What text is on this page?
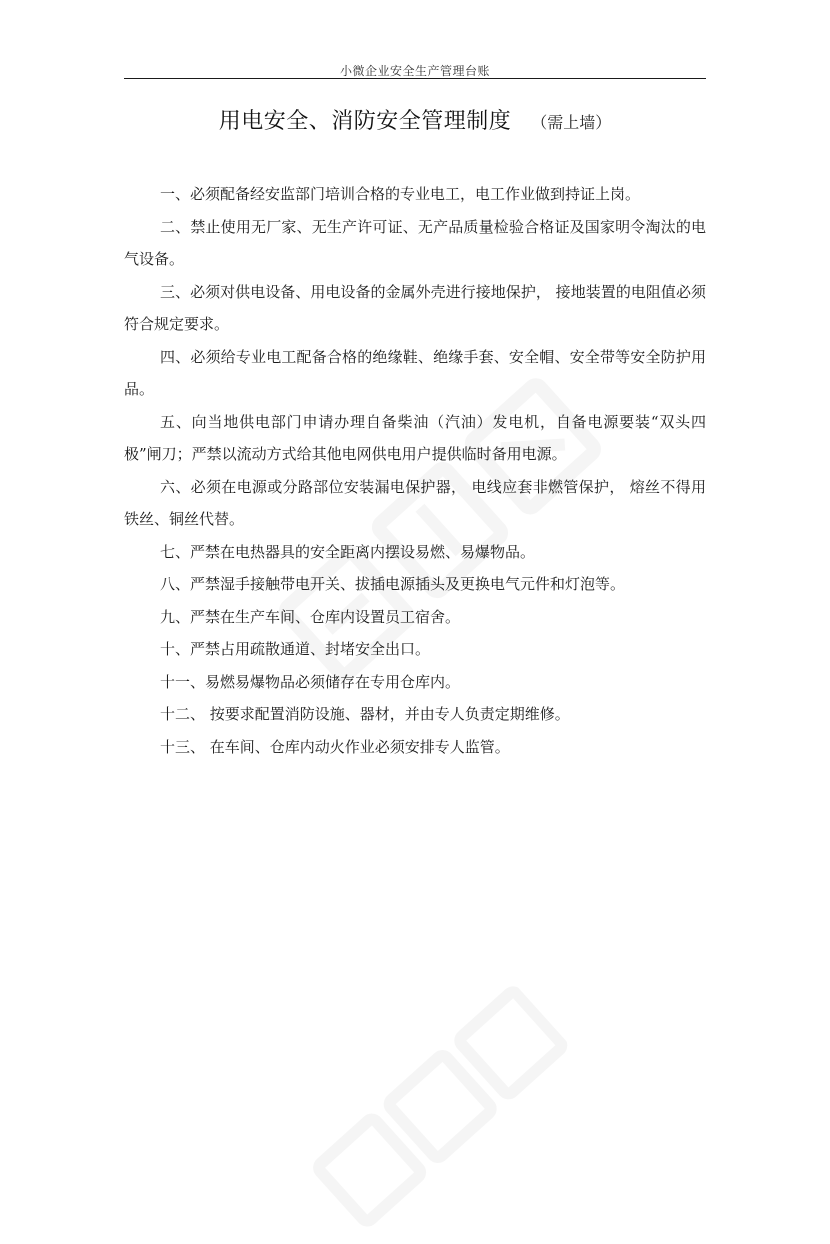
小微企业安全生产管理台账
用电安全、消防安全管理制度 （需上墙）

一、必须配备经安监部门培训合格的专业电工，电工作业做到持证上岗。

二、禁止使用无厂家、无生产许可证、无产品质量检验合格证及国家明令淘汰的电气设备。

三、必须对供电设备、用电设备的金属外壳进行接地保护， 接地装置的电阻值必须符合规定要求。

四、必须给专业电工配备合格的绝缘鞋、绝缘手套、安全帽、安全带等安全防护用品。

五、向当地供电部门申请办理自备柴油（汽油）发电机，自备电源要装“双头四极”闸刀；严禁以流动方式给其他电网供电用户提供临时备用电源。

六、必须在电源或分路部位安装漏电保护器， 电线应套非燃管保护， 熔丝不得用铁丝、铜丝代替。

七、严禁在电热器具的安全距离内摆设易燃、易爆物品。

八、严禁湿手接触带电开关、拔插电源插头及更换电气元件和灯泡等。

九、严禁在生产车间、仓库内设置员工宿舍。

十、严禁占用疏散通道、封堵安全出口。

十一、易燃易爆物品必须储存在专用仓库内。

十二、 按要求配置消防设施、器材，并由专人负责定期维修。

十三、 在车间、仓库内动火作业必须安排专人监管。
